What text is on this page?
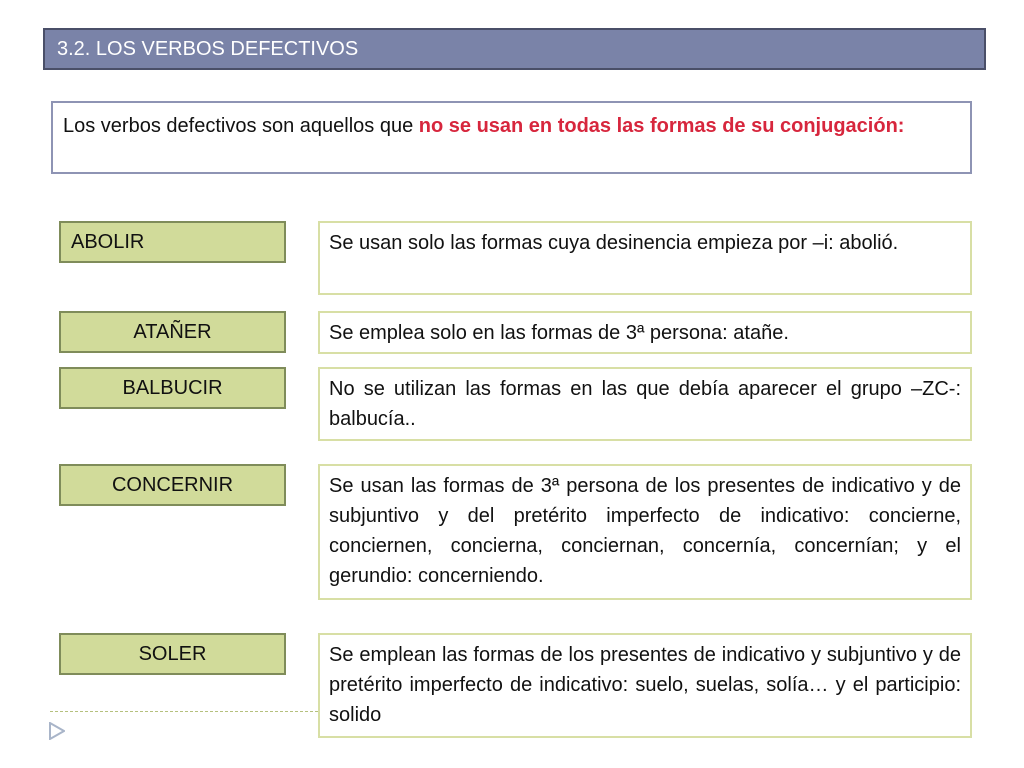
3.2. LOS VERBOS DEFECTIVOS
Los verbos defectivos son aquellos que no se usan en todas las formas de su conjugación:
ABOLIR	Se usan solo las formas cuya desinencia empieza por –i: abolió.
ATAÑER	Se emplea solo en las formas de 3ª persona: atañe.
BALBUCIR	No se utilizan las formas en las que debía aparecer el grupo –ZC-: balbucía..
CONCERNIR	Se usan las formas de 3ª persona de los presentes de indicativo y de subjuntivo y del pretérito imperfecto de indicativo: concierne, conciernen, concierna, conciernan, concernía, concernían; y el gerundio: concerniendo.
SOLER	Se emplean las formas de los presentes de indicativo y subjuntivo y de pretérito imperfecto de indicativo: suelo, suelas, solía… y el participio: solido
